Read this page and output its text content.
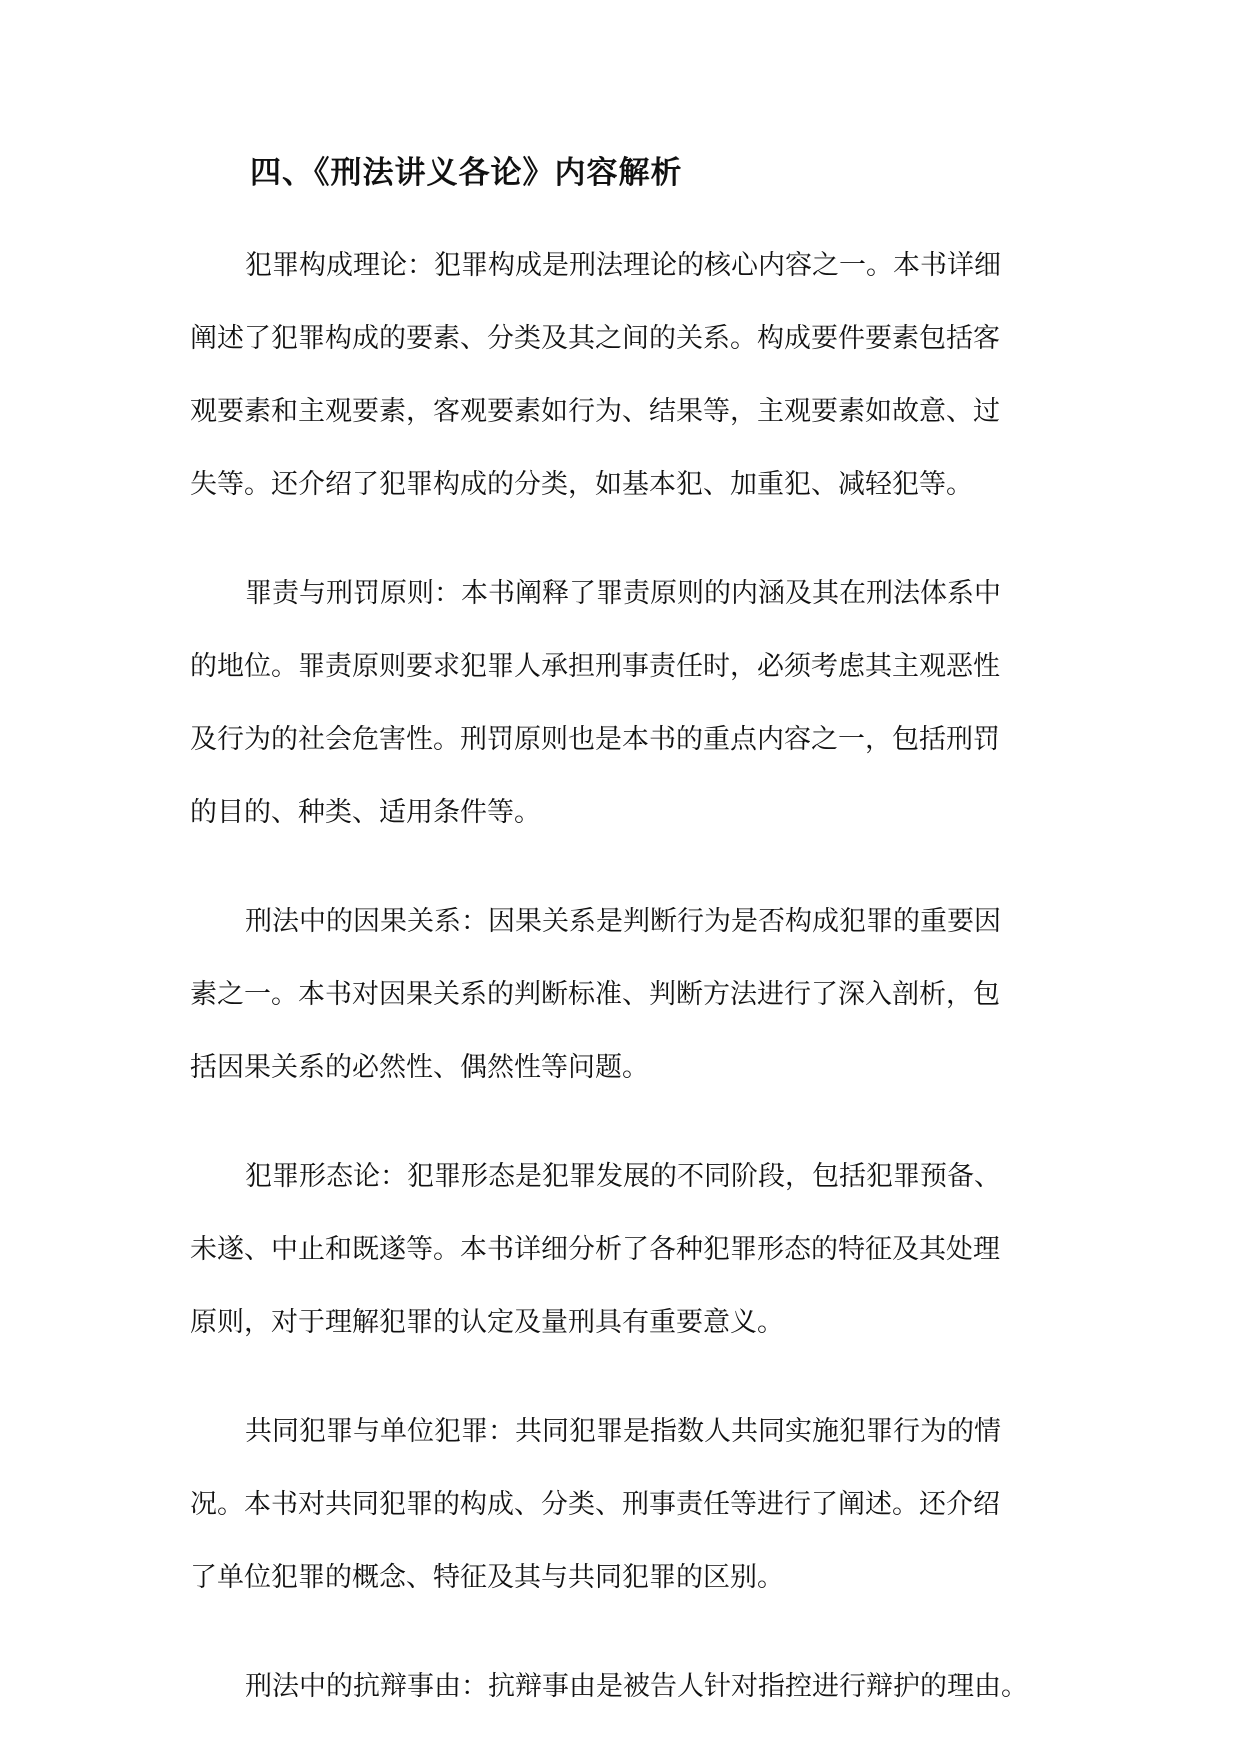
四、《刑法讲义各论》内容解析

犯罪构成理论：犯罪构成是刑法理论的核心内容之一。本书详细
阐述了犯罪构成的要素、分类及其之间的关系。构成要件要素包括客
观要素和主观要素，客观要素如行为、结果等，主观要素如故意、过
失等。还介绍了犯罪构成的分类，如基本犯、加重犯、减轻犯等。

罪责与刑罚原则：本书阐释了罪责原则的内涵及其在刑法体系中
的地位。罪责原则要求犯罪人承担刑事责任时，必须考虑其主观恶性
及行为的社会危害性。刑罚原则也是本书的重点内容之一，包括刑罚
的目的、种类、适用条件等。

刑法中的因果关系：因果关系是判断行为是否构成犯罪的重要因
素之一。本书对因果关系的判断标准、判断方法进行了深入剖析，包
括因果关系的必然性、偶然性等问题。

犯罪形态论：犯罪形态是犯罪发展的不同阶段，包括犯罪预备、
未遂、中止和既遂等。本书详细分析了各种犯罪形态的特征及其处理
原则，对于理解犯罪的认定及量刑具有重要意义。

共同犯罪与单位犯罪：共同犯罪是指数人共同实施犯罪行为的情
况。本书对共同犯罪的构成、分类、刑事责任等进行了阐述。还介绍
了单位犯罪的概念、特征及其与共同犯罪的区别。

刑法中的抗辩事由：抗辩事由是被告人针对指控进行辩护的理由。
